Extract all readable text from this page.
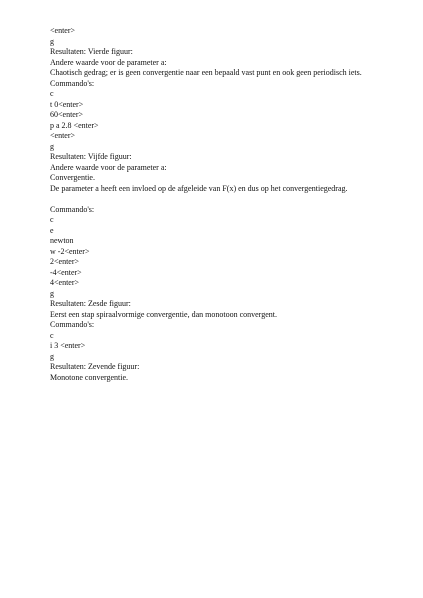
<enter>
g
Resultaten: Vierde figuur:
Andere waarde voor de parameter a:
Chaotisch gedrag; er is geen convergentie naar een bepaald vast punt en ook geen periodisch iets.
Commando's:
c
t 0<enter>
60<enter>
p a 2.8 <enter>
<enter>
g
Resultaten: Vijfde figuur:
Andere waarde voor de parameter a:
Convergentie.
De parameter a heeft een invloed op de afgeleide van F(x) en dus op het convergentiegedrag.
Commando's:
c
e
newton
w -2<enter>
2<enter>
-4<enter>
4<enter>
g
Resultaten: Zesde figuur:
Eerst een stap spiraalvormige convergentie, dan monotoon convergent.
Commando's:
c
i 3 <enter>
g
Resultaten: Zevende figuur:
Monotone convergentie.
